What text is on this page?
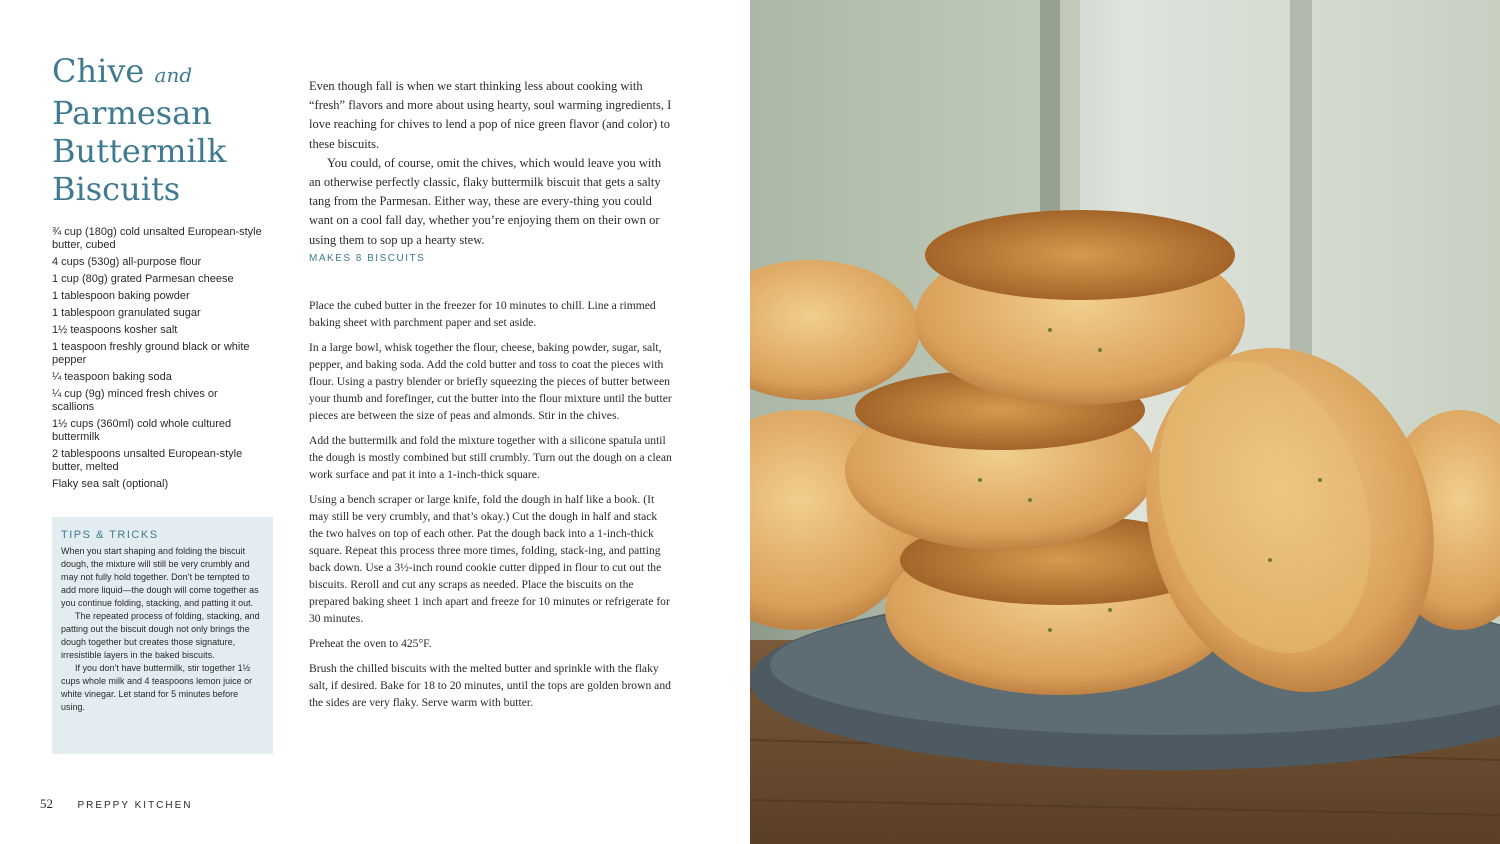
Chive and
Parmesan
Buttermilk
Biscuits
¾ cup (180g) cold unsalted European-style butter, cubed
4 cups (530g) all-purpose flour
1 cup (80g) grated Parmesan cheese
1 tablespoon baking powder
1 tablespoon granulated sugar
1½ teaspoons kosher salt
1 teaspoon freshly ground black or white pepper
¼ teaspoon baking soda
¼ cup (9g) minced fresh chives or scallions
1½ cups (360ml) cold whole cultured buttermilk
2 tablespoons unsalted European-style butter, melted
Flaky sea salt (optional)
TIPS & TRICKS

When you start shaping and folding the biscuit dough, the mixture will still be very crumbly and may not fully hold together. Don’t be tempted to add more liquid—the dough will come together as you continue folding, stacking, and patting it out.

The repeated process of folding, stacking, and patting out the biscuit dough not only brings the dough together but creates those signature, irresistible layers in the baked biscuits.

If you don’t have buttermilk, stir together 1½ cups whole milk and 4 teaspoons lemon juice or white vinegar. Let stand for 5 minutes before using.

Even though fall is when we start thinking less about cooking with “fresh” flavors and more about using hearty, soul warming ingredients, I love reaching for chives to lend a pop of nice green flavor (and color) to these biscuits.

You could, of course, omit the chives, which would leave you with an otherwise perfectly classic, flaky buttermilk biscuit that gets a salty tang from the Parmesan. Either way, these are every-thing you could want on a cool fall day, whether you’re enjoying them on their own or using them to sop up a hearty stew.

MAKES 8 BISCUITS

Place the cubed butter in the freezer for 10 minutes to chill. Line a rimmed baking sheet with parchment paper and set aside.

In a large bowl, whisk together the flour, cheese, baking powder, sugar, salt, pepper, and baking soda. Add the cold butter and toss to coat the pieces with flour. Using a pastry blender or briefly squeezing the pieces of butter between your thumb and forefinger, cut the butter into the flour mixture until the butter pieces are between the size of peas and almonds. Stir in the chives.

Add the buttermilk and fold the mixture together with a silicone spatula until the dough is mostly combined but still crumbly. Turn out the dough on a clean work surface and pat it into a 1-inch-thick square.

Using a bench scraper or large knife, fold the dough in half like a book. (It may still be very crumbly, and that’s okay.) Cut the dough in half and stack the two halves on top of each other. Pat the dough back into a 1-inch-thick square. Repeat this process three more times, folding, stack-ing, and patting back down. Use a 3½-inch round cookie cutter dipped in flour to cut out the biscuits. Reroll and cut any scraps as needed. Place the biscuits on the prepared baking sheet 1 inch apart and freeze for 10 minutes or refrigerate for 30 minutes.

Preheat the oven to 425°F.

Brush the chilled biscuits with the melted butter and sprinkle with the flaky salt, if desired. Bake for 18 to 20 minutes, until the tops are golden brown and the sides are very flaky. Serve warm with butter.

52 PREPPY KITCHEN
